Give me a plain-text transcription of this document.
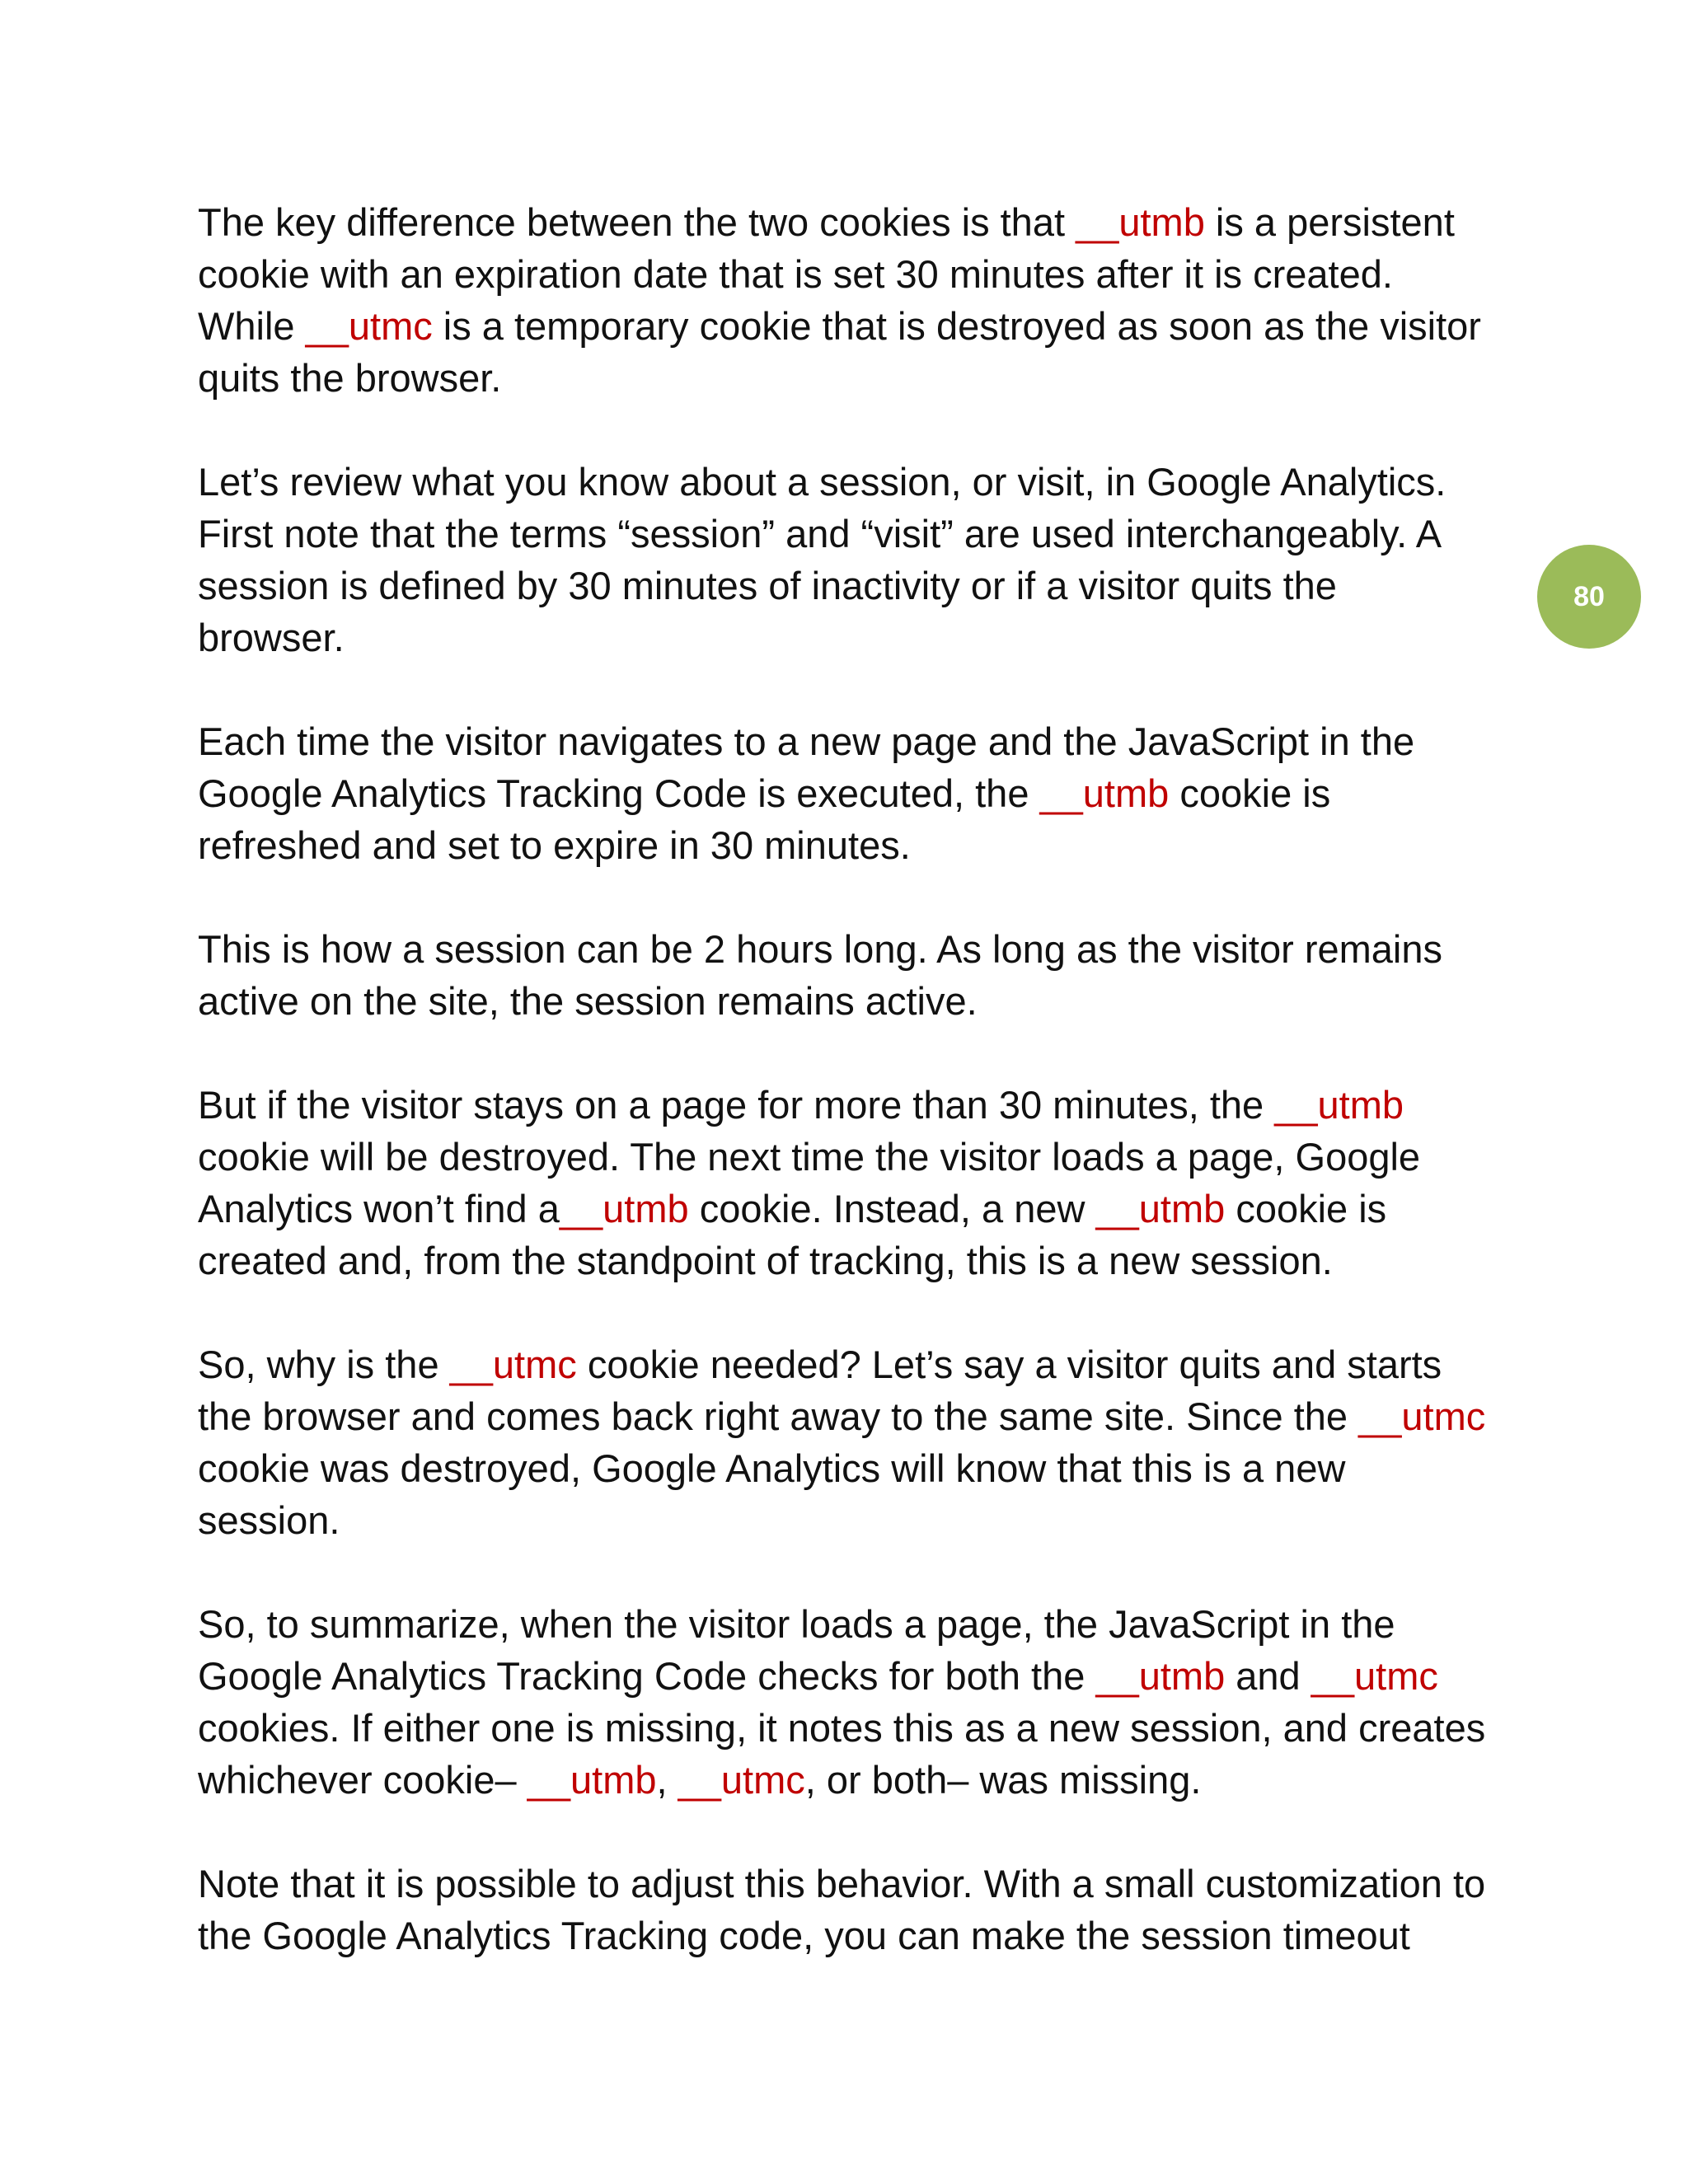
The key difference between the two cookies is that __utmb is a persistent
cookie with an expiration date that is set 30 minutes after it is created.
While __utmc is a temporary cookie that is destroyed as soon as the visitor
quits the browser.

Let’s review what you know about a session, or visit, in Google Analytics.
First note that the terms “session” and “visit” are used interchangeably. A
session is defined by 30 minutes of inactivity or if a visitor quits the
browser.

Each time the visitor navigates to a new page and the JavaScript in the
Google Analytics Tracking Code is executed, the __utmb cookie is
refreshed and set to expire in 30 minutes.

This is how a session can be 2 hours long. As long as the visitor remains
active on the site, the session remains active.

But if the visitor stays on a page for more than 30 minutes, the __utmb
cookie will be destroyed. The next time the visitor loads a page, Google
Analytics won’t find a__utmb cookie. Instead, a new __utmb cookie is
created and, from the standpoint of tracking, this is a new session.

So, why is the __utmc cookie needed? Let’s say a visitor quits and starts
the browser and comes back right away to the same site. Since the __utmc
cookie was destroyed, Google Analytics will know that this is a new
session.

So, to summarize, when the visitor loads a page, the JavaScript in the
Google Analytics Tracking Code checks for both the __utmb and __utmc
cookies. If either one is missing, it notes this as a new session, and creates
whichever cookie– __utmb, __utmc, or both– was missing.

Note that it is possible to adjust this behavior. With a small customization to
the Google Analytics Tracking code, you can make the session timeout

80
